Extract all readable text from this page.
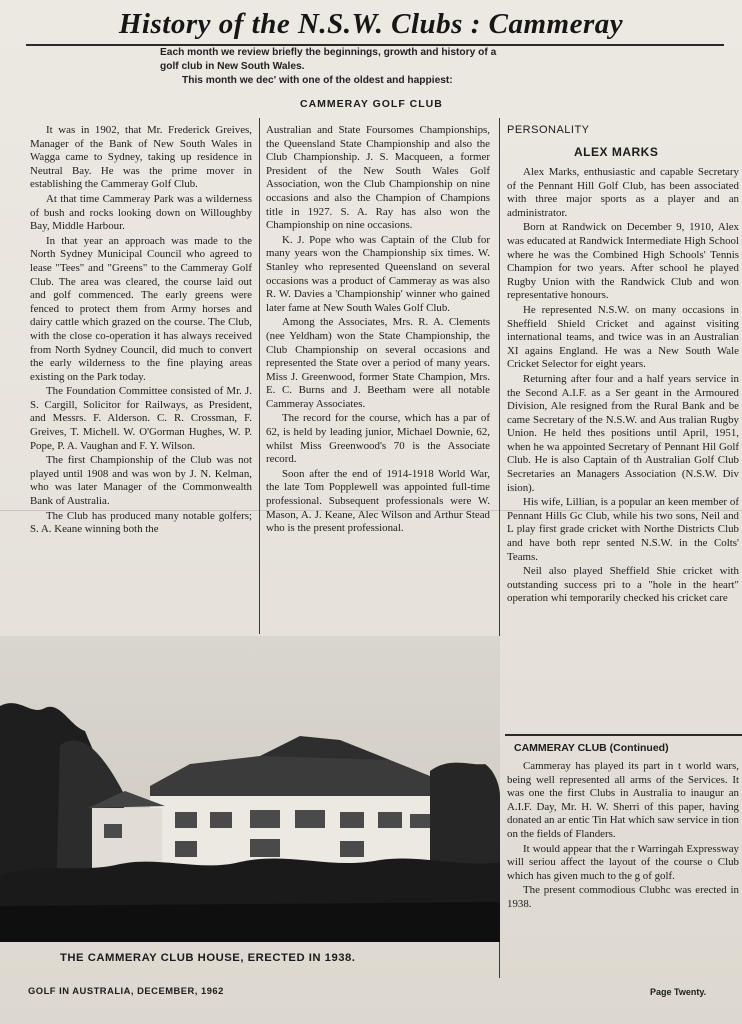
History of the N.S.W. Clubs : Cammeray
Each month we review briefly the beginnings, growth and history of a
golf club in New South Wales.
This month we dec' with one of the oldest and happiest:
CAMMERAY GOLF CLUB

It was in 1902, that Mr. Frederick Greives, Manager of the Bank of New South Wales in Wagga came to Sydney, taking up residence in Neutral Bay. He was the prime mover in establishing the Cammeray Golf Club.

At that time Cammeray Park was a wilderness of bush and rocks looking down on Willoughby Bay, Middle Harbour.

In that year an approach was made to the North Sydney Municipal Council who agreed to lease "Tees" and "Greens" to the Cammeray Golf Club. The area was cleared, the course laid out and golf commenced. The early greens were fenced to protect them from Army horses and dairy cattle which grazed on the course. The Club, with the close co-operation it has always received from North Sydney Council, did much to convert the early wilderness to the fine playing areas existing on the Park today.

The Foundation Committee consisted of Mr. J. S. Cargill, Solicitor for Railways, as President, and Messrs. F. Alderson. C. R. Crossman, F. Greives, T. Michell. W. O'Gorman Hughes, W. P. Pope, P. A. Vaughan and F. Y. Wilson.

The first Championship of the Club was not played until 1908 and was won by J. N. Kelman, who was later Manager of the Commonwealth Bank of Australia.

The Club has produced many notable golfers; S. A. Keane winning both the

Australian and State Foursomes Championships, the Queensland State Championship and also the Club Championship. J. S. Macqueen, a former President of the New South Wales Golf Association, won the Club Championship on nine occasions and also the Champion of Champions title in 1927. S. A. Ray has also won the Championship on nine occasions.

K. J. Pope who was Captain of the Club for many years won the Championship six times. W. Stanley who represented Queensland on several occasions was a product of Cammeray as was also R. W. Davies a 'Championship' winner who gained later fame at New South Wales Golf Club.

Among the Associates, Mrs. R. A. Clements (nee Yeldham) won the State Championship, the Club Championship on several occasions and represented the State over a period of many years. Miss J. Greenwood, former State Champion, Mrs. E. C. Burns and J. Beetham were all notable Cammeray Associates.

The record for the course, which has a par of 62, is held by leading junior, Michael Downie, 62, whilst Miss Greenwood's 70 is the Associate record.

Soon after the end of 1914-1918 World War, the late Tom Popplewell was appointed full-time professional. Subsequent professionals were W. Mason, A. J. Keane, Alec Wilson and Arthur Stead who is the present professional.

PERSONALITY
ALEX MARKS

Alex Marks, enthusiastic and capable Secretary of the Pennant Hill Golf Club, has been associated with three major sports as a player and an administrator.

Born at Randwick on December 9, 1910, Alex was educated at Randwick Intermediate High School where he was the Combined High Schools' Tennis Champion for two years. After school he played Rugby Union with the Randwick Club and won representative honours.

He represented N.S.W. on many occasions in Sheffield Shield Cricket and against visiting international teams, and twice was in an Australian XI agains England. He was a New South Wale Cricket Selector for eight years.

Returning after four and a half years service in the Second A.I.F. as a Ser geant in the Armoured Division, Ale resigned from the Rural Bank and be came Secretary of the N.S.W. and Aus tralian Rugby Union. He held thes positions until April, 1951, when he wa appointed Secretary of Pennant Hil Golf Club. He is also Captain of th Australian Golf Club Secretaries an Managers Association (N.S.W. Div ision).

His wife, Lillian, is a popular an keen member of Pennant Hills Gc Club, while his two sons, Neil and L play first grade cricket with Northe Districts Club and have both repr sented N.S.W. in the Colts' Teams.

Neil also played Sheffield Shie cricket with outstanding success pri to a "hole in the heart" operation whi temporarily checked his cricket care

CAMMERAY CLUB (Continued)

Cammeray has played its part in t world wars, being well represented all arms of the Services. It was one the first Clubs in Australia to inaugur an A.I.F. Day, Mr. H. W. Sherri of this paper, having donated an ar entic Tin Hat which saw service in tion on the fields of Flanders.

It would appear that the r Warringah Expressway will seriou affect the layout of the course o Club which has given much to the g of golf.

The present commodious Clubhc was erected in 1938.

THE CAMMERAY CLUB HOUSE, ERECTED IN 1938.
GOLF IN AUSTRALIA, DECEMBER, 1962	Page Twenty.
